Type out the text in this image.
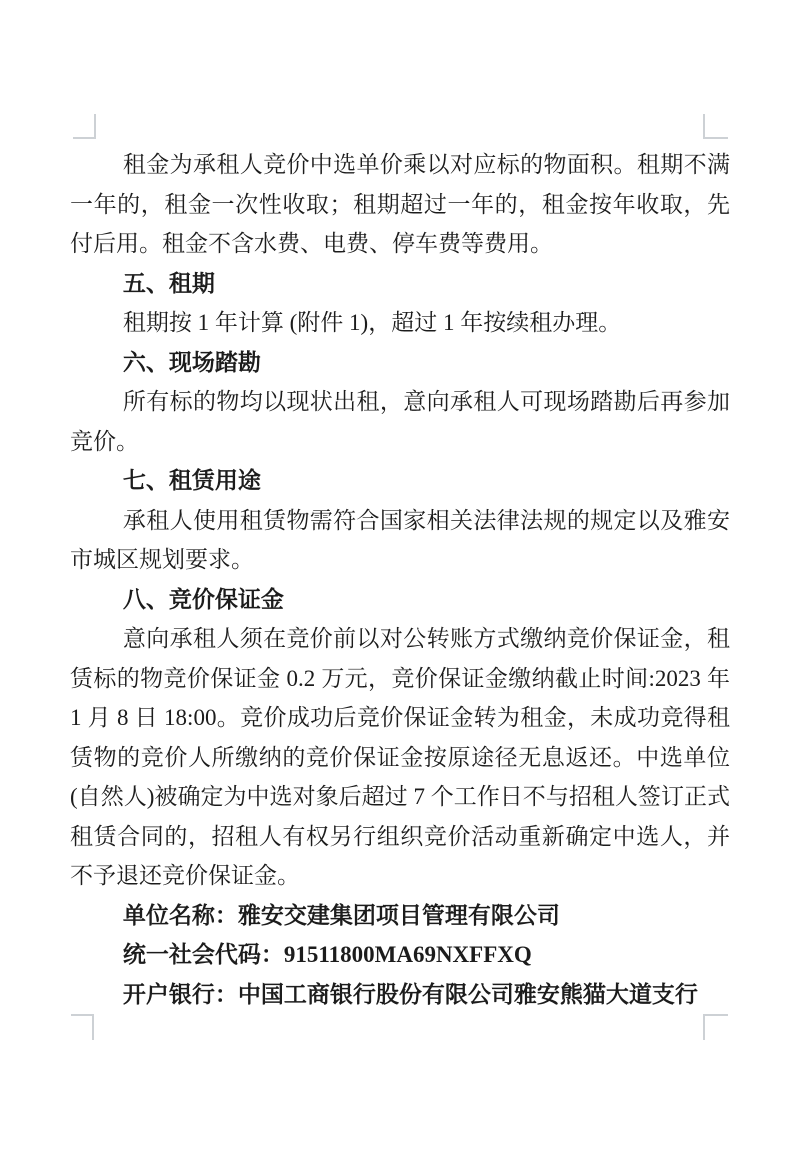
租金为承租人竞价中选单价乘以对应标的物面积。租期不满一年的，租金一次性收取；租期超过一年的，租金按年收取，先付后用。租金不含水费、电费、停车费等费用。

五、租期

租期按 1 年计算 (附件 1)，超过 1 年按续租办理。

六、现场踏勘

所有标的物均以现状出租，意向承租人可现场踏勘后再参加竞价。

七、租赁用途

承租人使用租赁物需符合国家相关法律法规的规定以及雅安市城区规划要求。

八、竞价保证金

意向承租人须在竞价前以对公转账方式缴纳竞价保证金，租赁标的物竞价保证金 0.2 万元，竞价保证金缴纳截止时间:2023 年 1 月 8 日 18:00。竞价成功后竞价保证金转为租金，未成功竞得租赁物的竞价人所缴纳的竞价保证金按原途径无息返还。中选单位(自然人)被确定为中选对象后超过 7 个工作日不与招租人签订正式租赁合同的，招租人有权另行组织竞价活动重新确定中选人，并不予退还竞价保证金。

单位名称：雅安交建集团项目管理有限公司

统一社会代码：91511800MA69NXFFXQ

开户银行：中国工商银行股份有限公司雅安熊猫大道支行
